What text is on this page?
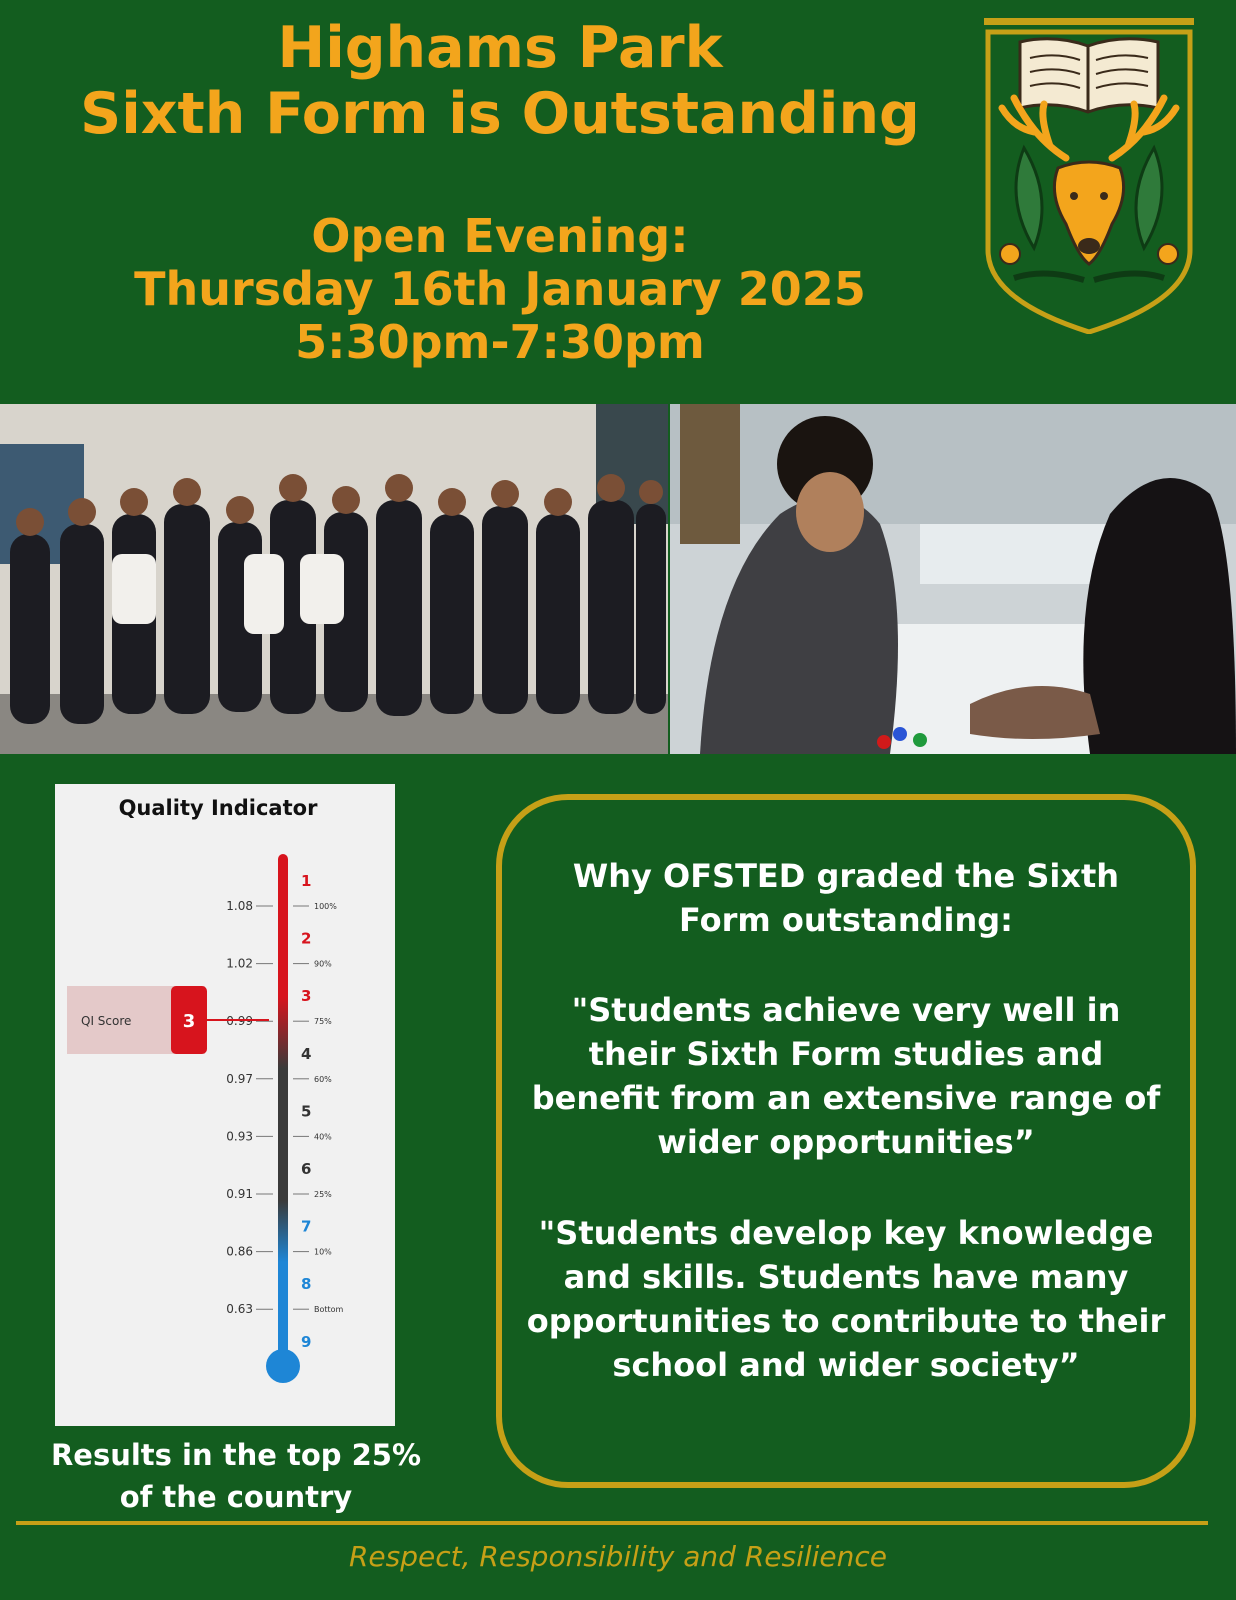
Highams Park
Sixth Form is Outstanding

Open Evening:

Thursday 16th January 2025

5:30pm-7:30pm

Quality Indicator
1.08	100%
1.02	90%
0.99	75%
0.97	60%
0.93	40%
0.91	25%
0.86	10%
0.63	Bottom
1
2
3
4
5
6
7
8
9
QI Score	3

Results in the top 25%
of the country

Why OFSTED graded the Sixth Form outstanding:

"Students achieve very well in their Sixth Form studies and benefit from an extensive range of wider opportunities”

"Students develop key knowledge and skills. Students have many opportunities to contribute to their school and wider society”

Respect, Responsibility and Resilience
